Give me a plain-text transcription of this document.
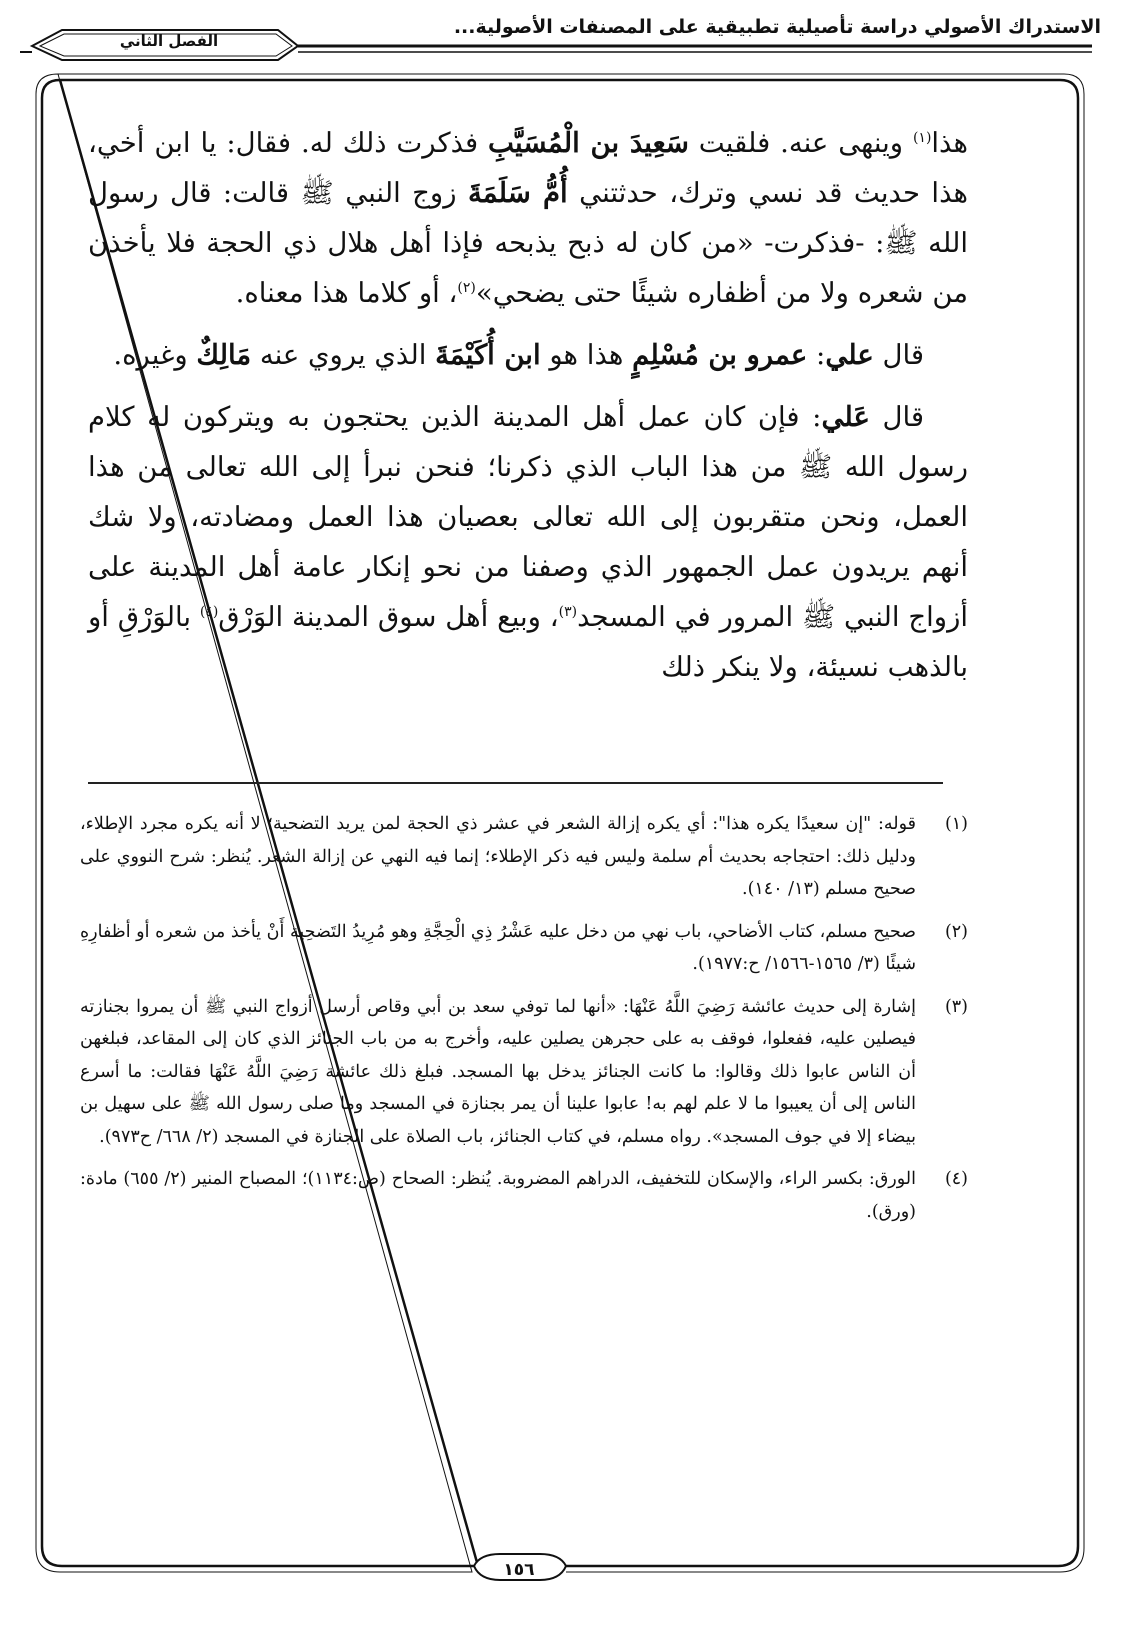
الاستدراك الأصولي دراسة تأصيلية تطبيقية على المصنفات الأصولية...
الفصل الثاني

هذا$^{(١)}$ وينهى عنه. فلقيت سَعِيدَ بن الْمُسَيَّبِ فذكرت ذلك له. فقال: يا ابن أخي، هذا حديث قد نسي وترك، حدثتني أُمُّ سَلَمَةَ زوج النبي ﷺ قالت: قال رسول الله ﷺ: -فذكرت- «من كان له ذبح يذبحه فإذا أهل هلال ذي الحجة فلا يأخذن من شعره ولا من أظفاره شيئًا حتى يضحي»$^{(٢)}$، أو كلاما هذا معناه.

قال علي: عمرو بن مُسْلِمٍ هذا هو ابن أُكَيْمَةَ الذي يروي عنه مَالِكٌ وغيره.

قال عَلي: فإن كان عمل أهل المدينة الذين يحتجون به ويتركون له كلام رسول الله ﷺ من هذا الباب الذي ذكرنا؛ فنحن نبرأ إلى الله تعالى من هذا العمل، ونحن متقربون إلى الله تعالى بعصيان هذا العمل ومضادته، ولا شك أنهم يريدون عمل الجمهور الذي وصفنا من نحو إنكار عامة أهل المدينة على أزواج النبي ﷺ المرور في المسجد$^{(٣)}$، وبيع أهل سوق المدينة الوَرْق$^{(٤)}$ بالوَرْقِ أو بالذهب نسيئة، ولا ينكر ذلك

(١)
قوله: "إن سعيدًا يكره هذا": أي يكره إزالة الشعر في عشر ذي الحجة لمن يريد التضحية؛ لا أنه يكره مجرد الإطلاء، ودليل ذلك: احتجاجه بحديث أم سلمة وليس فيه ذكر الإطلاء؛ إنما فيه النهي عن إزالة الشعر. يُنظر: شرح النووي على صحيح مسلم (١٣/ ١٤٠).
(٢)
صحيح مسلم، كتاب الأضاحي، باب نهي من دخل عليه عَشْرُ ذِي الْحِجَّةِ وهو مُرِيدُ التَضحِية أَنْ يأخذ من شعره أو أظفارِهِ شيئًا (٣/ ١٥٦٥-١٥٦٦/ ح:١٩٧٧).
(٣)
إشارة إلى حديث عائشة رَضِيَ اللَّهُ عَنْهَا: «أنها لما توفي سعد بن أبي وقاص أرسل أزواج النبي ﷺ أن يمروا بجنازته فيصلين عليه، ففعلوا، فوقف به على حجرهن يصلين عليه، وأخرج به من باب الجنائز الذي كان إلى المقاعد، فبلغهن أن الناس عابوا ذلك وقالوا: ما كانت الجنائز يدخل بها المسجد. فبلغ ذلك عائشة رَضِيَ اللَّهُ عَنْهَا فقالت: ما أسرع الناس إلى أن يعيبوا ما لا علم لهم به! عابوا علينا أن يمر بجنازة في المسجد وما صلى رسول الله ﷺ على سهيل بن بيضاء إلا في جوف المسجد». رواه مسلم، في كتاب الجنائز، باب الصلاة على الجنازة في المسجد (٢/ ٦٦٨/ ح٩٧٣).
(٤)
الورق: بكسر الراء، والإسكان للتخفيف، الدراهم المضروبة. يُنظر: الصحاح (ص:١١٣٤)؛ المصباح المنير (٢/ ٦٥٥) مادة: (ورق).
١٥٦
